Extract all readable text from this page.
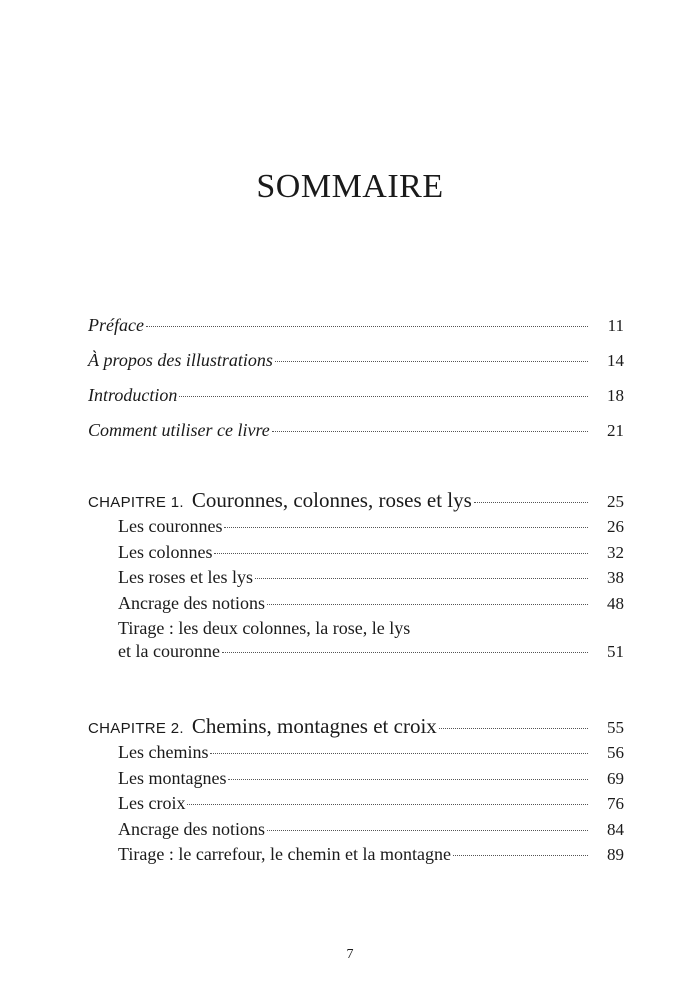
SOMMAIRE
Préface	11
À propos des illustrations	14
Introduction	18
Comment utiliser ce livre	21
CHAPITRE 1. Couronnes, colonnes, roses et lys	25
Les couronnes	26
Les colonnes	32
Les roses et les lys	38
Ancrage des notions	48
Tirage : les deux colonnes, la rose, le lys
et la couronne	51
CHAPITRE 2. Chemins, montagnes et croix	55
Les chemins	56
Les montagnes	69
Les croix	76
Ancrage des notions	84
Tirage : le carrefour, le chemin et la montagne	89
7
